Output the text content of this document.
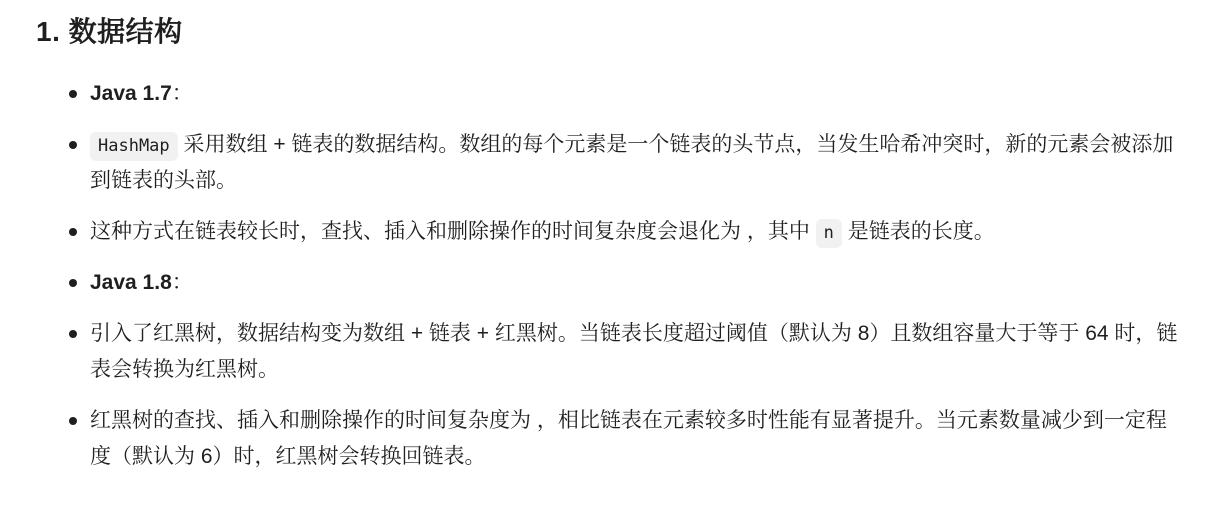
1. 数据结构
Java 1.7：
HashMap 采用数组 + 链表的数据结构。数组的每个元素是一个链表的头节点，当发生哈希冲突时，新的元素会被添加到链表的头部。
这种方式在链表较长时，查找、插入和删除操作的时间复杂度会退化为 ，其中 n 是链表的长度。
Java 1.8：
引入了红黑树，数据结构变为数组 + 链表 + 红黑树。当链表长度超过阈值（默认为 8）且数组容量大于等于 64 时，链表会转换为红黑树。
红黑树的查找、插入和删除操作的时间复杂度为 ，相比链表在元素较多时性能有显著提升。当元素数量减少到一定程度（默认为 6）时，红黑树会转换回链表。
